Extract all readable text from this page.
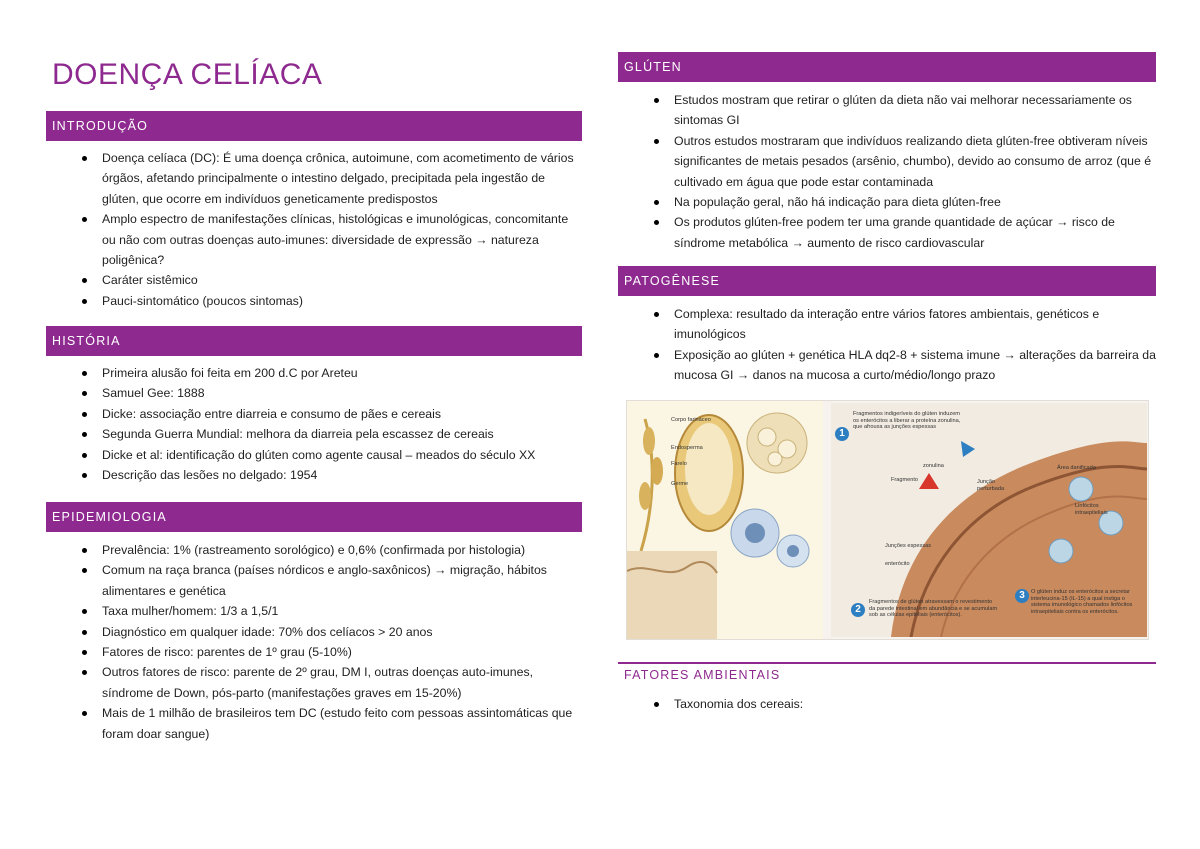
DOENÇA CELÍACA
INTRODUÇÃO
Doença celíaca (DC): É uma doença crônica, autoimune, com acometimento de vários órgãos, afetando principalmente o intestino delgado, precipitada pela ingestão de glúten, que ocorre em indivíduos geneticamente predispostos
Amplo espectro de manifestações clínicas, histológicas e imunológicas, concomitante ou não com outras doenças auto-imunes: diversidade de expressão → natureza poligênica?
Caráter sistêmico
Pauci-sintomático (poucos sintomas)
HISTÓRIA
Primeira alusão foi feita em 200 d.C por Areteu
Samuel Gee: 1888
Dicke: associação entre diarreia e consumo de pães e cereais
Segunda Guerra Mundial: melhora da diarreia pela escassez de cereais
Dicke et al: identificação do glúten como agente causal – meados do século XX
Descrição das lesões no delgado: 1954
EPIDEMIOLOGIA
Prevalência: 1% (rastreamento sorológico) e 0,6% (confirmada por histologia)
Comum na raça branca (países nórdicos e anglo-saxônicos) → migração, hábitos alimentares e genética
Taxa mulher/homem: 1/3 a 1,5/1
Diagnóstico em qualquer idade: 70% dos celíacos > 20 anos
Fatores de risco: parentes de 1º grau (5-10%)
Outros fatores de risco: parente de 2º grau, DM I, outras doenças auto-imunes, síndrome de Down, pós-parto (manifestações graves em 15-20%)
Mais de 1 milhão de brasileiros tem DC (estudo feito com pessoas assintomáticas que foram doar sangue)
GLÚTEN
Estudos mostram que retirar o glúten da dieta não vai melhorar necessariamente os sintomas GI
Outros estudos mostraram que indivíduos realizando dieta glúten-free obtiveram níveis significantes de metais pesados (arsênio, chumbo), devido ao consumo de arroz (que é cultivado em água que pode estar contaminada
Na população geral, não há indicação para dieta glúten-free
Os produtos glúten-free podem ter uma grande quantidade de açúcar → risco de síndrome metabólica → aumento de risco cardiovascular
PATOGÊNESE
Complexa: resultado da interação entre vários fatores ambientais, genéticos e imunológicos
Exposição ao glúten + genética HLA dq2-8 + sistema imune → alterações da barreira da mucosa GI → danos na mucosa a curto/médio/longo prazo
Corpo farináceo
Endosperma
Farelo
Germe
1
2
3
Fragmentos indigeríveis do glúten induzem os enterócitos a liberar a proteína zonulina, que afrouxa as junções espessas
zonulina
Fragmento	Junção perturbada
Área danificada
Linfócitos intraepiteliais
Junções espessas
enterócito
Fragmentos de glúten atravessam o revestimento da parede intestinal em abundância e se acumulam sob as células epiteliais (enterócitos).
O glúten induz os enterócitos a secretar interleucina-15 (IL-15) a qual instiga o sistema imunológico chamados linfócitos intraepiteliais contra os enterócitos.
FATORES AMBIENTAIS
Taxonomia dos cereais:
